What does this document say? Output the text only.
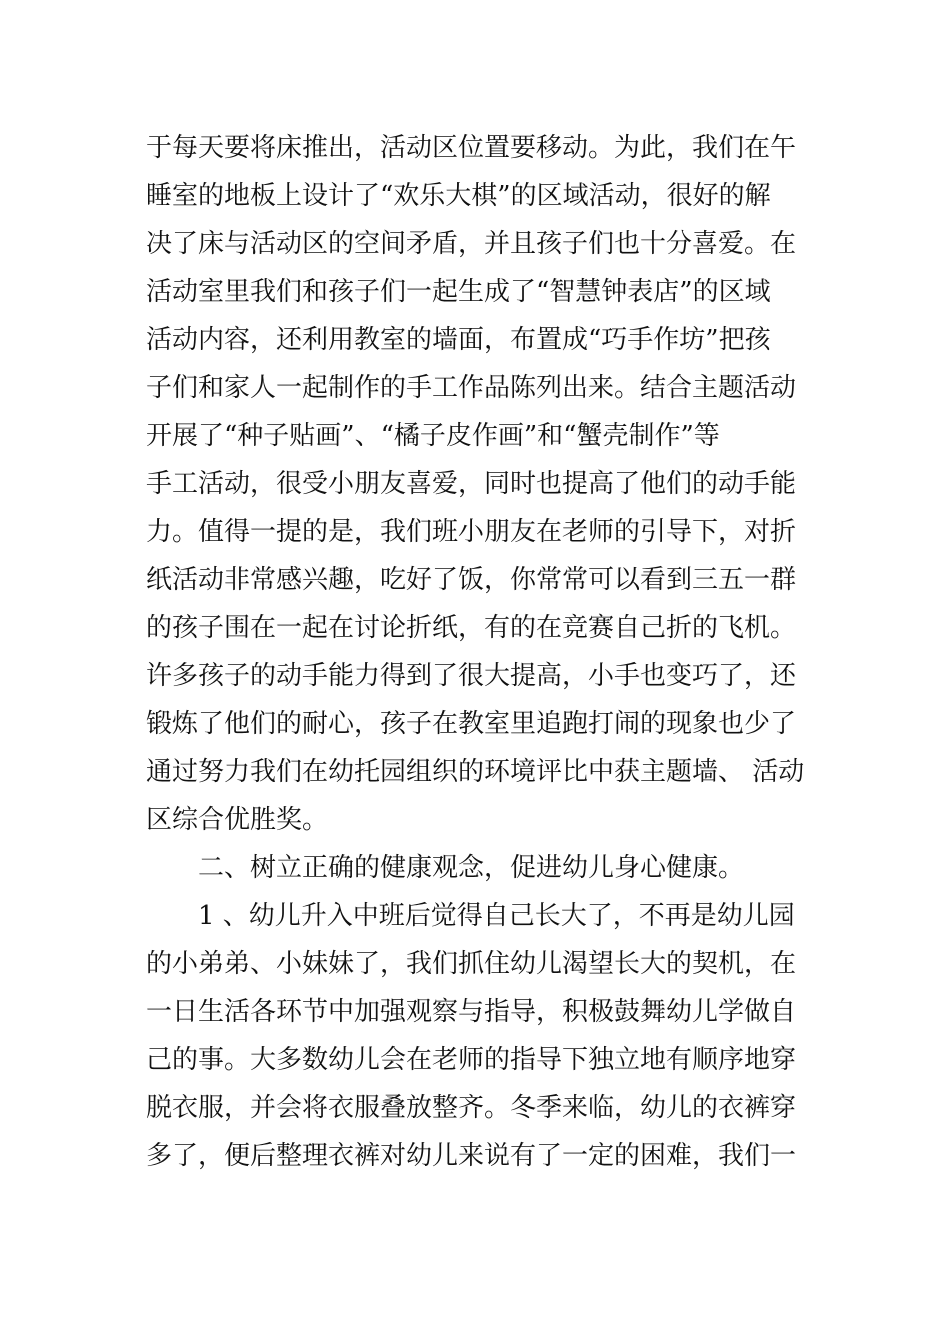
于每天要将床推出，活动区位置要移动。为此，我们在午
睡室的地板上设计了“欢乐大棋”的区域活动，很好的解
决了床与活动区的空间矛盾，并且孩子们也十分喜爱。在
活动室里我们和孩子们一起生成了“智慧钟表店”的区域
活动内容，还利用教室的墙面，布置成“巧手作坊”把孩
子们和家人一起制作的手工作品陈列出来。结合主题活动
开展了“种子贴画”、“橘子皮作画”和“蟹壳制作”等
手工活动，很受小朋友喜爱，同时也提高了他们的动手能
力。值得一提的是，我们班小朋友在老师的引导下，对折
纸活动非常感兴趣，吃好了饭，你常常可以看到三五一群
的孩子围在一起在讨论折纸，有的在竞赛自己折的飞机。
许多孩子的动手能力得到了很大提高，小手也变巧了，还
锻炼了他们的耐心，孩子在教室里追跑打闹的现象也少了
通过努力我们在幼托园组织的环境评比中获主题墙、 活动
区综合优胜奖。
二、树立正确的健康观念，促进幼儿身心健康。
1 、幼儿升入中班后觉得自己长大了，不再是幼儿园
的小弟弟、小妹妹了，我们抓住幼儿渴望长大的契机，在
一日生活各环节中加强观察与指导，积极鼓舞幼儿学做自
己的事。大多数幼儿会在老师的指导下独立地有顺序地穿
脱衣服，并会将衣服叠放整齐。冬季来临，幼儿的衣裤穿
多了，便后整理衣裤对幼儿来说有了一定的困难，我们一
